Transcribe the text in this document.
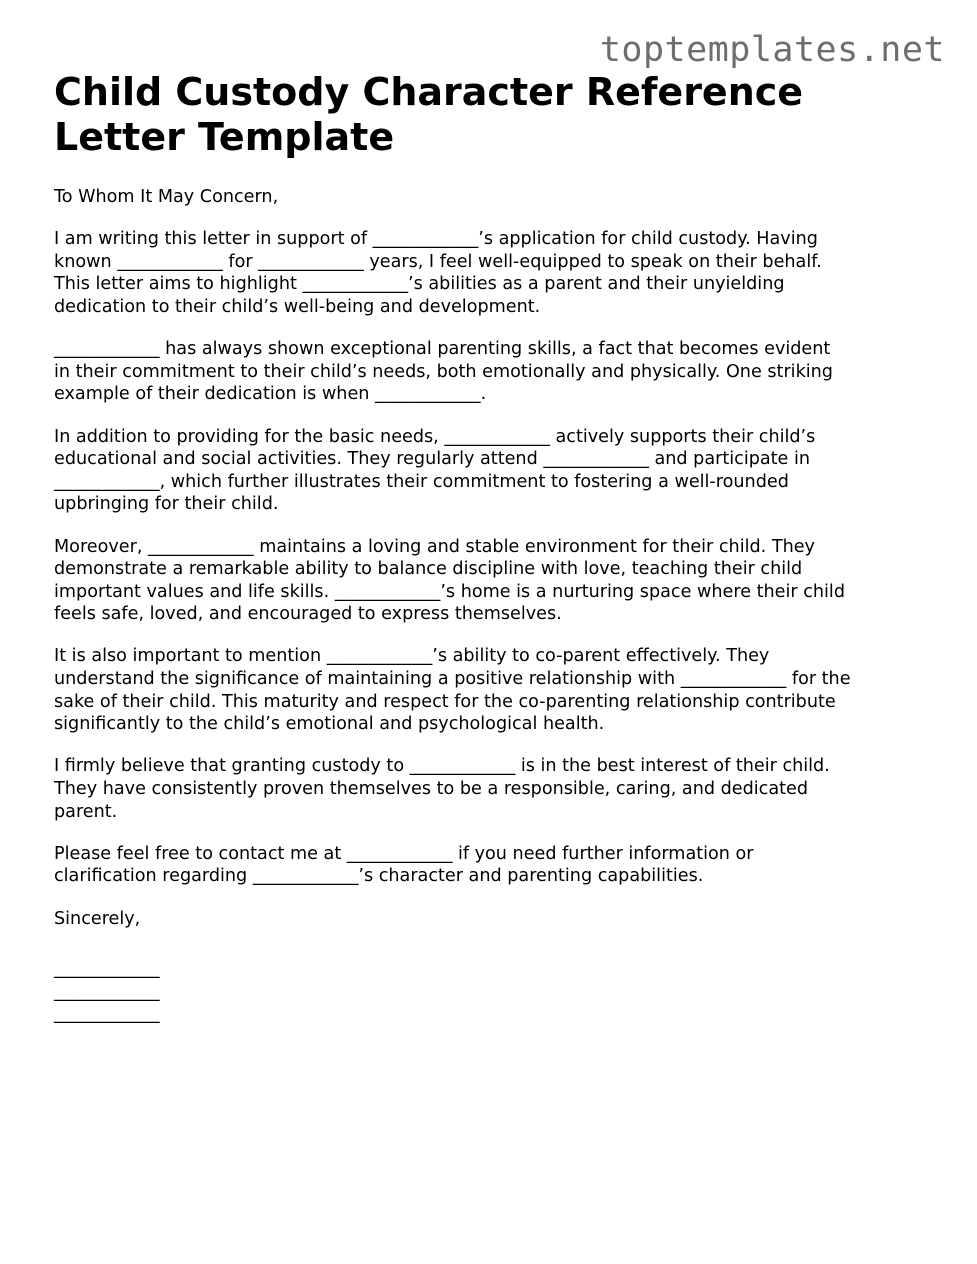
toptemplates.net
Child Custody Character Reference
Letter Template

To Whom It May Concern,

I am writing this letter in support of ____________’s application for child custody. Having
known ____________ for ____________ years, I feel well-equipped to speak on their behalf.
This letter aims to highlight ____________’s abilities as a parent and their unyielding
dedication to their child’s well-being and development.

____________ has always shown exceptional parenting skills, a fact that becomes evident
in their commitment to their child’s needs, both emotionally and physically. One striking
example of their dedication is when ____________.

In addition to providing for the basic needs, ____________ actively supports their child’s
educational and social activities. They regularly attend ____________ and participate in
____________, which further illustrates their commitment to fostering a well-rounded
upbringing for their child.

Moreover, ____________ maintains a loving and stable environment for their child. They
demonstrate a remarkable ability to balance discipline with love, teaching their child
important values and life skills. ____________’s home is a nurturing space where their child
feels safe, loved, and encouraged to express themselves.

It is also important to mention ____________’s ability to co-parent effectively. They
understand the significance of maintaining a positive relationship with ____________ for the
sake of their child. This maturity and respect for the co-parenting relationship contribute
significantly to the child’s emotional and psychological health.

I firmly believe that granting custody to ____________ is in the best interest of their child.
They have consistently proven themselves to be a responsible, caring, and dedicated
parent.

Please feel free to contact me at ____________ if you need further information or
clarification regarding ____________’s character and parenting capabilities.

Sincerely,

____________
____________
____________
